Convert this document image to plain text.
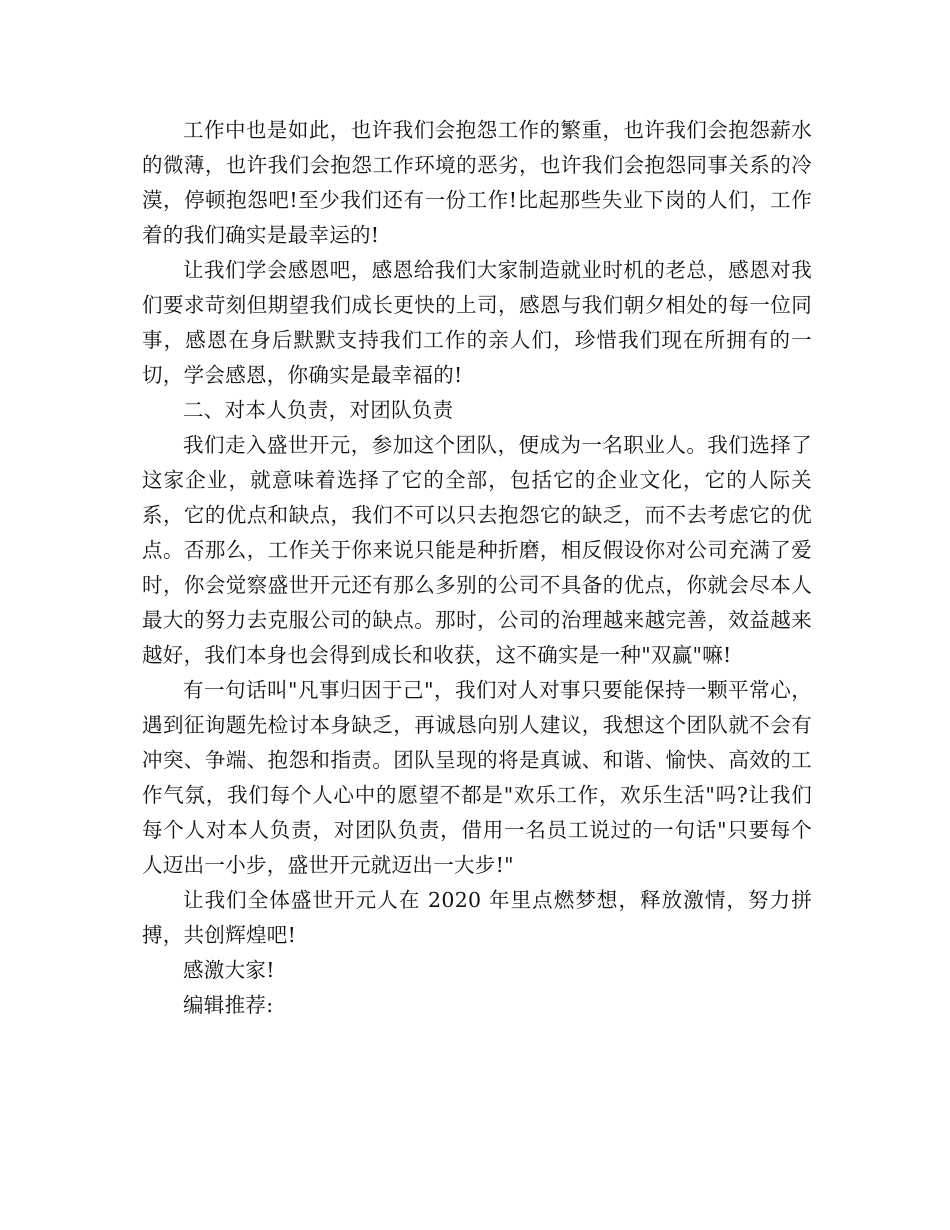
工作中也是如此，也许我们会抱怨工作的繁重，也许我们会抱怨薪水的微薄，也许我们会抱怨工作环境的恶劣，也许我们会抱怨同事关系的冷漠，停顿抱怨吧!至少我们还有一份工作!比起那些失业下岗的人们，工作着的我们确实是最幸运的!

让我们学会感恩吧，感恩给我们大家制造就业时机的老总，感恩对我们要求苛刻但期望我们成长更快的上司，感恩与我们朝夕相处的每一位同事，感恩在身后默默支持我们工作的亲人们，珍惜我们现在所拥有的一切，学会感恩，你确实是最幸福的!

二、对本人负责，对团队负责

我们走入盛世开元，参加这个团队，便成为一名职业人。我们选择了这家企业，就意味着选择了它的全部，包括它的企业文化，它的人际关系，它的优点和缺点，我们不可以只去抱怨它的缺乏，而不去考虑它的优点。否那么，工作关于你来说只能是种折磨，相反假设你对公司充满了爱时，你会觉察盛世开元还有那么多别的公司不具备的优点，你就会尽本人最大的努力去克服公司的缺点。那时，公司的治理越来越完善，效益越来越好，我们本身也会得到成长和收获，这不确实是一种"双赢"嘛!

有一句话叫"凡事归因于己"，我们对人对事只要能保持一颗平常心，遇到征询题先检讨本身缺乏，再诚恳向别人建议，我想这个团队就不会有冲突、争端、抱怨和指责。团队呈现的将是真诚、和谐、愉快、高效的工作气氛，我们每个人心中的愿望不都是"欢乐工作，欢乐生活"吗?让我们每个人对本人负责，对团队负责，借用一名员工说过的一句话"只要每个人迈出一小步，盛世开元就迈出一大步!"

让我们全体盛世开元人在 2020 年里点燃梦想，释放激情，努力拼搏，共创辉煌吧!

感激大家!

编辑推荐:
